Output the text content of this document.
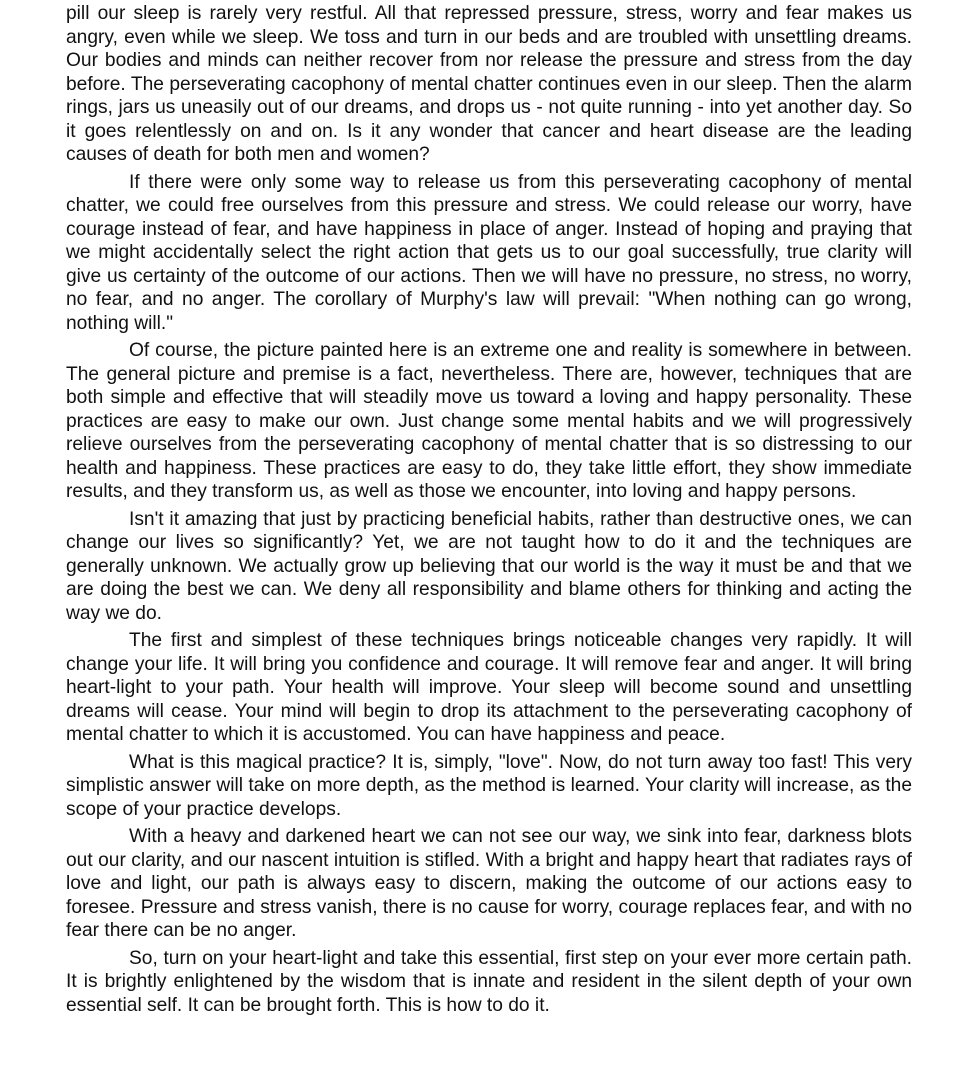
pill our sleep is rarely very restful. All that repressed pressure, stress, worry and fear makes us angry, even while we sleep. We toss and turn in our beds and are troubled with unsettling dreams. Our bodies and minds can neither recover from nor release the pressure and stress from the day before. The perseverating cacophony of mental chatter continues even in our sleep. Then the alarm rings, jars us uneasily out of our dreams, and drops us - not quite running - into yet another day. So it goes relentlessly on and on. Is it any wonder that cancer and heart disease are the leading causes of death for both men and women?

If there were only some way to release us from this perseverating cacophony of mental chatter, we could free ourselves from this pressure and stress. We could release our worry, have courage instead of fear, and have happiness in place of anger. Instead of hoping and praying that we might accidentally select the right action that gets us to our goal successfully, true clarity will give us certainty of the outcome of our actions. Then we will have no pressure, no stress, no worry, no fear, and no anger. The corollary of Murphy's law will prevail: "When nothing can go wrong, nothing will."

Of course, the picture painted here is an extreme one and reality is somewhere in between. The general picture and premise is a fact, nevertheless. There are, however, techniques that are both simple and effective that will steadily move us toward a loving and happy personality. These practices are easy to make our own. Just change some mental habits and we will progressively relieve ourselves from the perseverating cacophony of mental chatter that is so distressing to our health and happiness. These practices are easy to do, they take little effort, they show immediate results, and they transform us, as well as those we encounter, into loving and happy persons.

Isn't it amazing that just by practicing beneficial habits, rather than destructive ones, we can change our lives so significantly? Yet, we are not taught how to do it and the techniques are generally unknown. We actually grow up believing that our world is the way it must be and that we are doing the best we can. We deny all responsibility and blame others for thinking and acting the way we do.

The first and simplest of these techniques brings noticeable changes very rapidly. It will change your life. It will bring you confidence and courage. It will remove fear and anger. It will bring heart-light to your path. Your health will improve. Your sleep will become sound and unsettling dreams will cease. Your mind will begin to drop its attachment to the perseverating cacophony of mental chatter to which it is accustomed. You can have happiness and peace.

What is this magical practice? It is, simply, "love". Now, do not turn away too fast! This very simplistic answer will take on more depth, as the method is learned. Your clarity will increase, as the scope of your practice develops.

With a heavy and darkened heart we can not see our way, we sink into fear, darkness blots out our clarity, and our nascent intuition is stifled. With a bright and happy heart that radiates rays of love and light, our path is always easy to discern, making the outcome of our actions easy to foresee. Pressure and stress vanish, there is no cause for worry, courage replaces fear, and with no fear there can be no anger.

So, turn on your heart-light and take this essential, first step on your ever more certain path. It is brightly enlightened by the wisdom that is innate and resident in the silent depth of your own essential self. It can be brought forth. This is how to do it.
